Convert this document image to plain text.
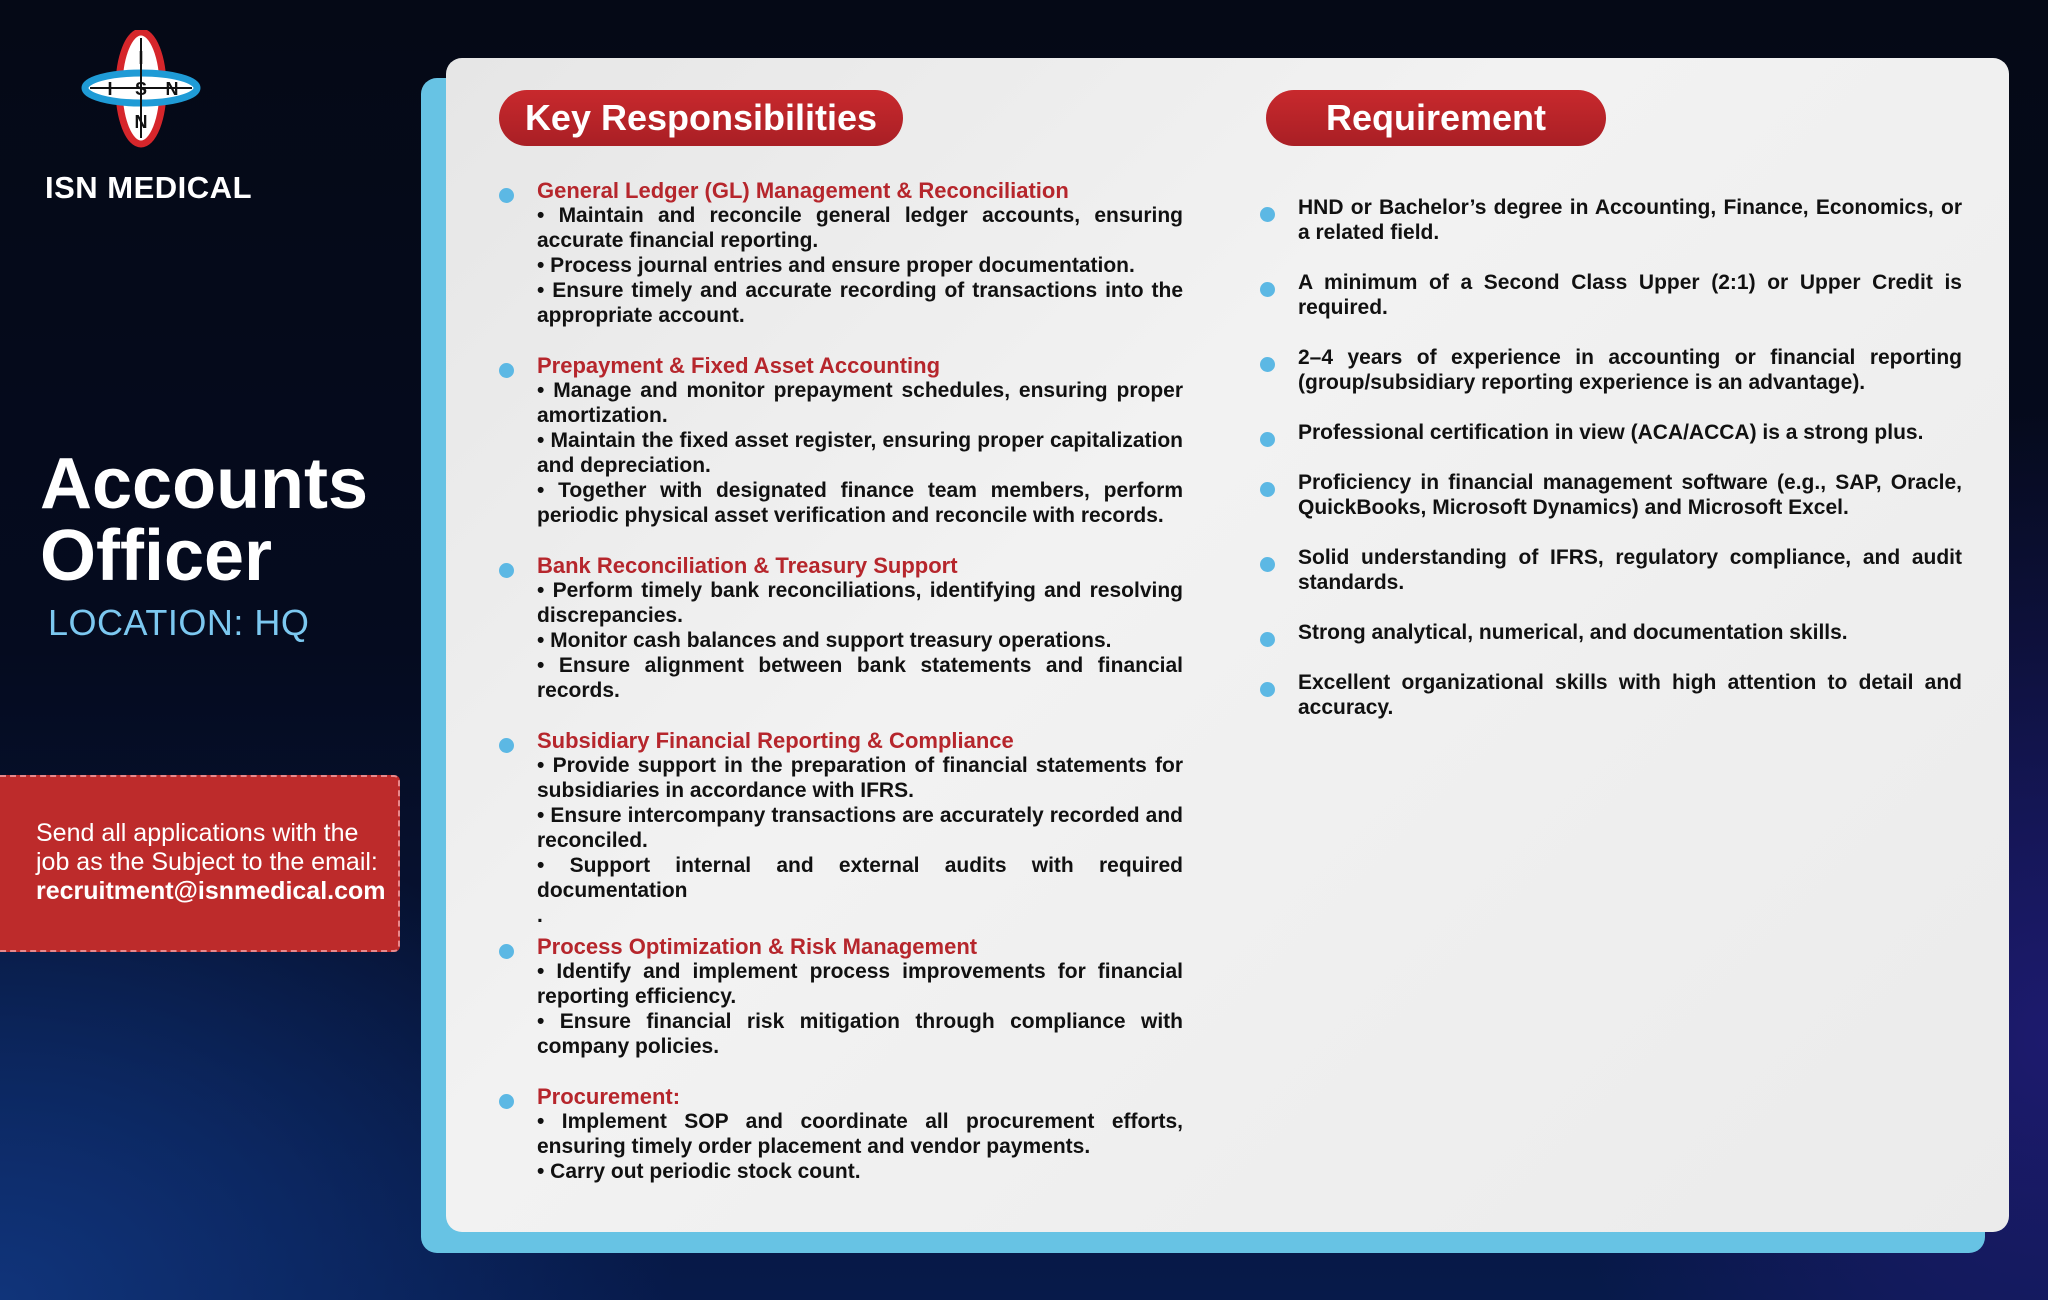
I
S N
I
N
ISN MEDICAL
Accounts
Officer
LOCATION: HQ
Send all applications with the
job as the Subject to the email:
recruitment@isnmedical.com
Key Responsibilities	Requirement
General Ledger (GL) Management & Reconciliation
• Maintain and reconcile general ledger accounts, ensuring accurate financial reporting.
• Process journal entries and ensure proper documentation.
• Ensure timely and accurate recording of transactions into the appropriate account.
Prepayment & Fixed Asset Accounting
• Manage and monitor prepayment schedules, ensuring proper amortization.
• Maintain the fixed asset register, ensuring proper capitalization and depreciation.
• Together with designated finance team members, perform periodic physical asset verification and reconcile with records.
Bank Reconciliation & Treasury Support
• Perform timely bank reconciliations, identifying and resolving discrepancies.
• Monitor cash balances and support treasury operations.
• Ensure alignment between bank statements and financial records.
Subsidiary Financial Reporting & Compliance
• Provide support in the preparation of financial statements for subsidiaries in accordance with IFRS.
• Ensure intercompany transactions are accurately recorded and reconciled.
• Support internal and external audits with required documentation
.
Process Optimization & Risk Management
• Identify and implement process improvements for financial reporting efficiency.
• Ensure financial risk mitigation through compliance with company policies.
Procurement:
• Implement SOP and coordinate all procurement efforts, ensuring timely order placement and vendor payments.
• Carry out periodic stock count.
HND or Bachelor’s degree in Accounting, Finance, Economics, or a related field.
A minimum of a Second Class Upper (2:1) or Upper Credit is required.
2–4 years of experience in accounting or financial reporting (group/subsidiary reporting experience is an advantage).
Professional certification in view (ACA/ACCA) is a strong plus.
Proficiency in financial management software (e.g., SAP, Oracle, QuickBooks, Microsoft Dynamics) and Microsoft Excel.
Solid understanding of IFRS, regulatory compliance, and audit standards.
Strong analytical, numerical, and documentation skills.
Excellent organizational skills with high attention to detail and accuracy.
